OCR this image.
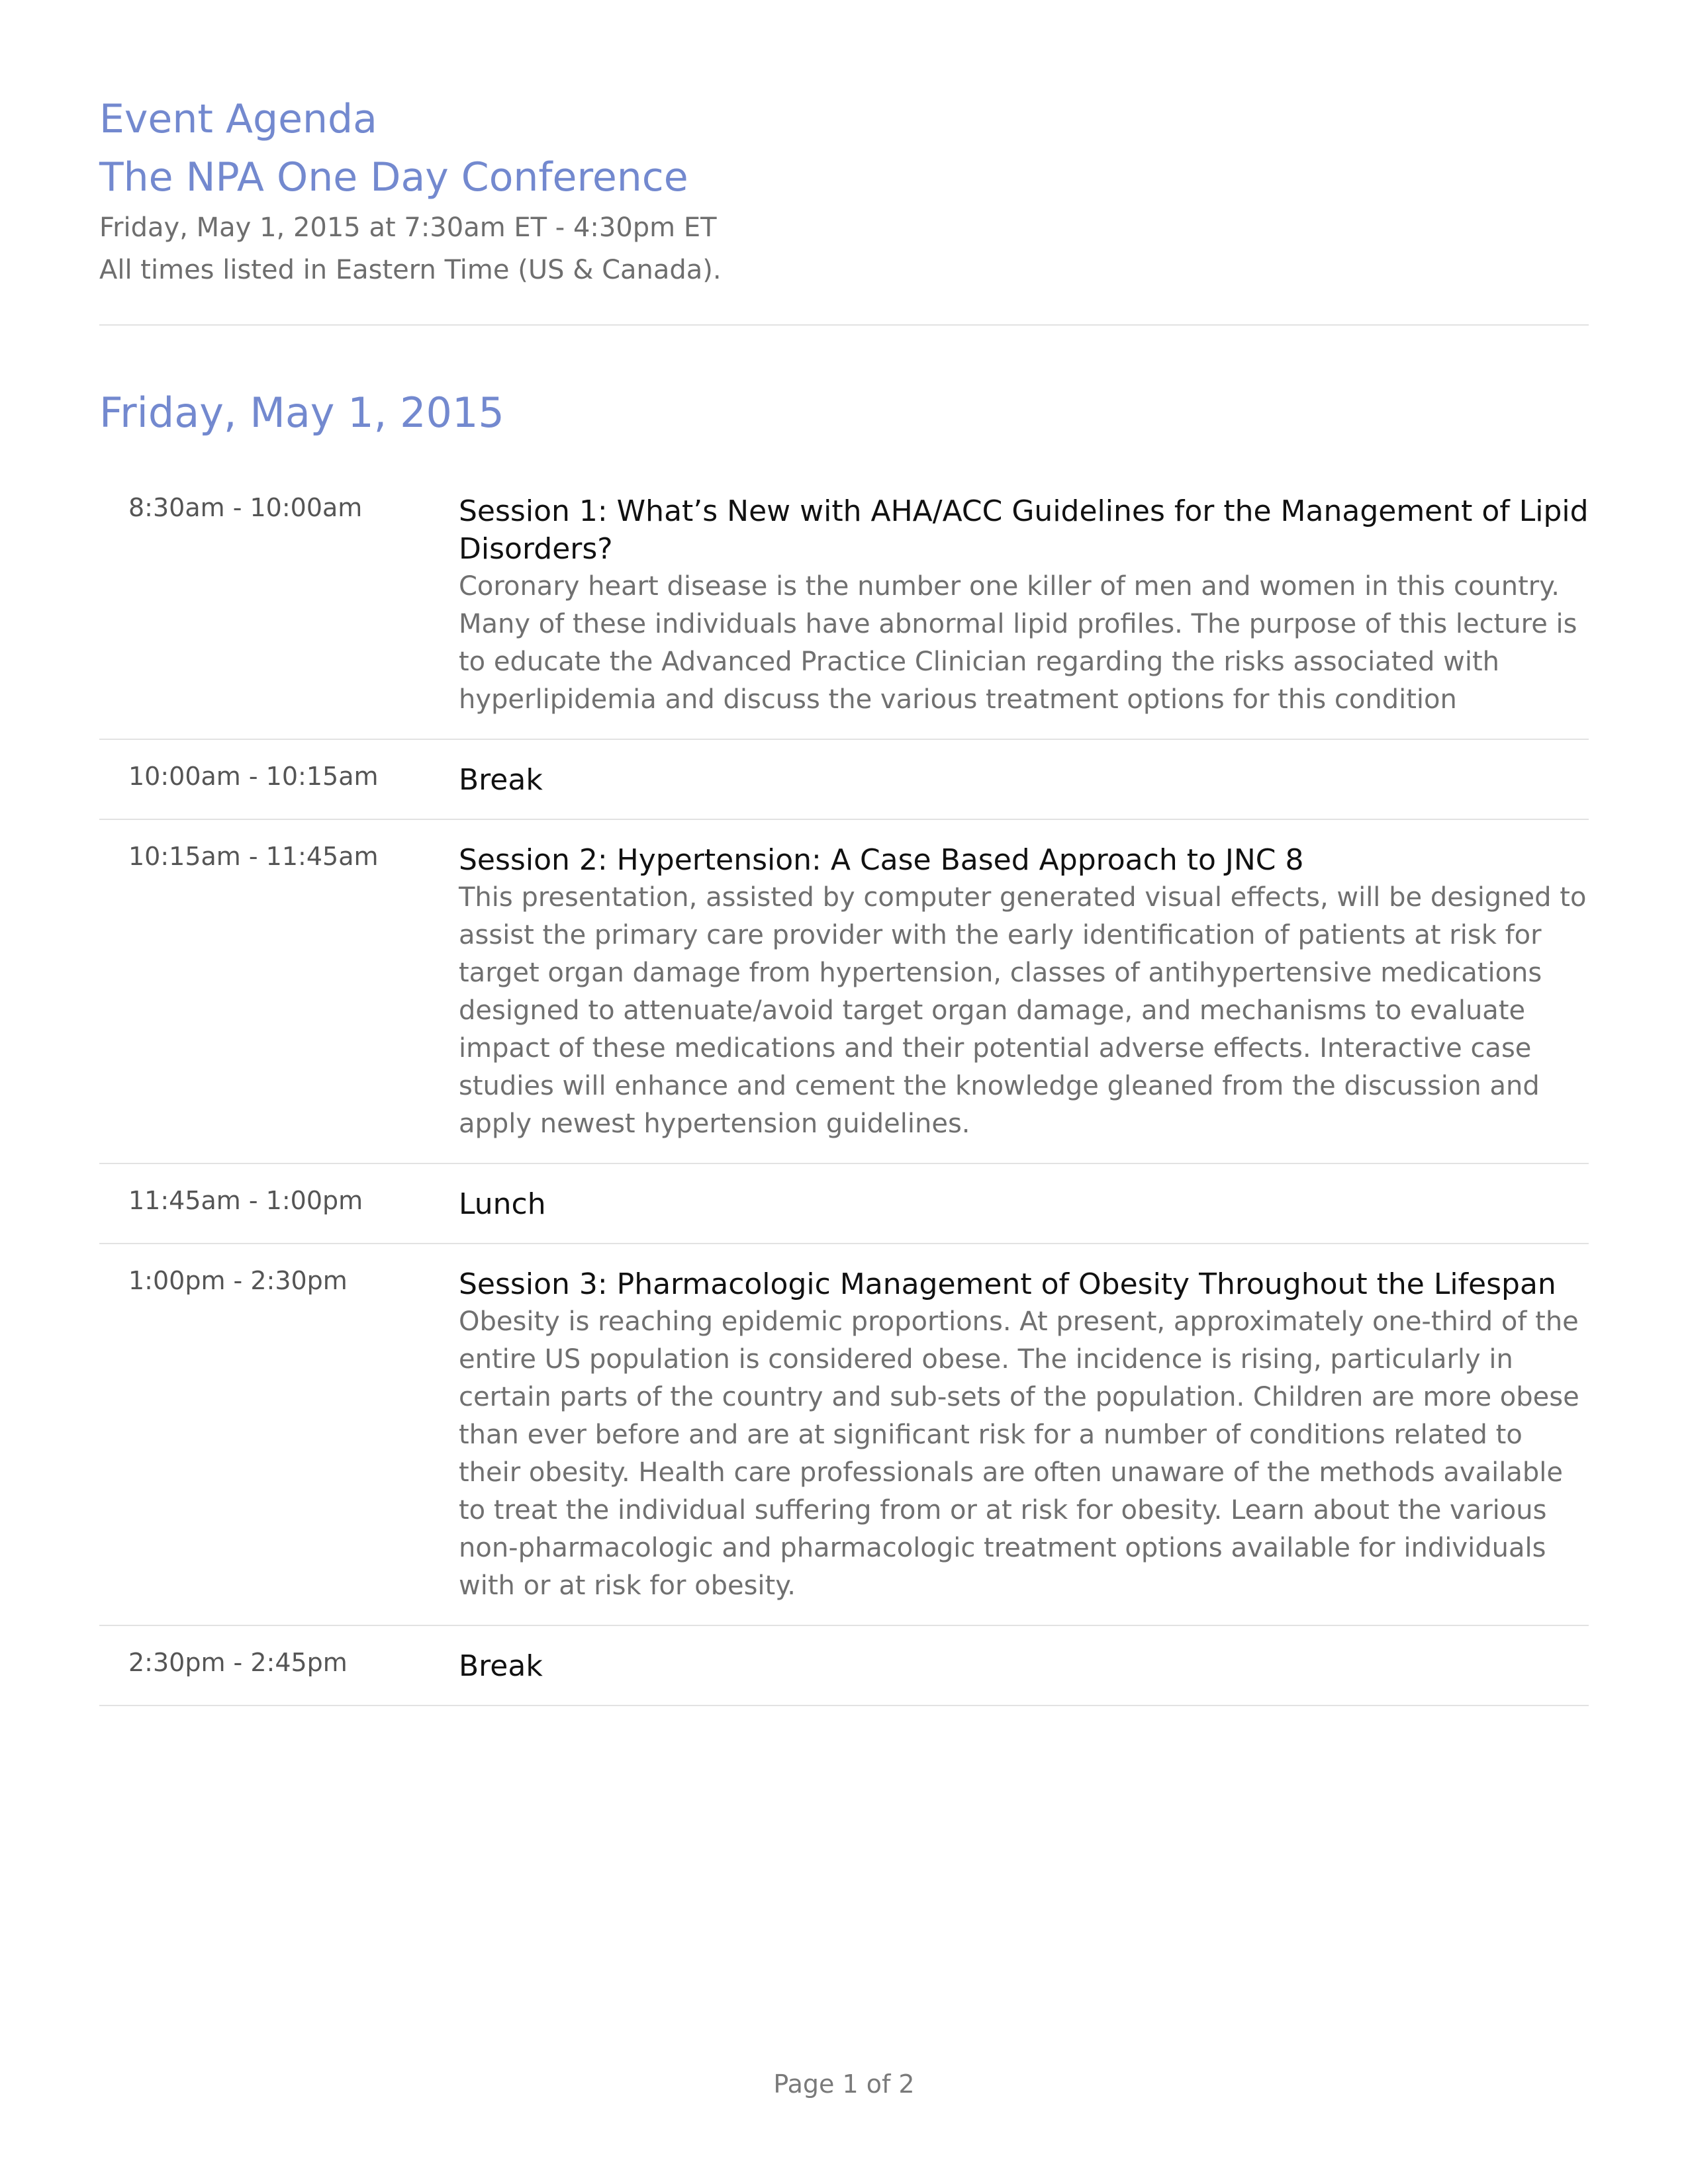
Event Agenda
The NPA One Day Conference
Friday, May 1, 2015 at 7:30am ET - 4:30pm ET
All times listed in Eastern Time (US & Canada).
Friday, May 1, 2015
8:30am - 10:00am	Session 1: What’s New with AHA/ACC Guidelines for the Management of Lipid Disorders?
Coronary heart disease is the number one killer of men and women in this country. Many of these individuals have abnormal lipid profiles. The purpose of this lecture is to educate the Advanced Practice Clinician regarding the risks associated with hyperlipidemia and discuss the various treatment options for this condition
10:00am - 10:15am	Break
10:15am - 11:45am	Session 2: Hypertension: A Case Based Approach to JNC 8
This presentation, assisted by computer generated visual effects, will be designed to assist the primary care provider with the early identification of patients at risk for target organ damage from hypertension, classes of antihypertensive medications designed to attenuate/avoid target organ damage, and mechanisms to evaluate impact of these medications and their potential adverse effects. Interactive case studies will enhance and cement the knowledge gleaned from the discussion and apply newest hypertension guidelines.
11:45am - 1:00pm	Lunch
1:00pm - 2:30pm	Session 3: Pharmacologic Management of Obesity Throughout the Lifespan
Obesity is reaching epidemic proportions. At present, approximately one-third of the entire US population is considered obese. The incidence is rising, particularly in certain parts of the country and sub-sets of the population. Children are more obese than ever before and are at significant risk for a number of conditions related to their obesity. Health care professionals are often unaware of the methods available to treat the individual suffering from or at risk for obesity. Learn about the various non-pharmacologic and pharmacologic treatment options available for individuals with or at risk for obesity.
2:30pm - 2:45pm	Break
Page 1 of 2
